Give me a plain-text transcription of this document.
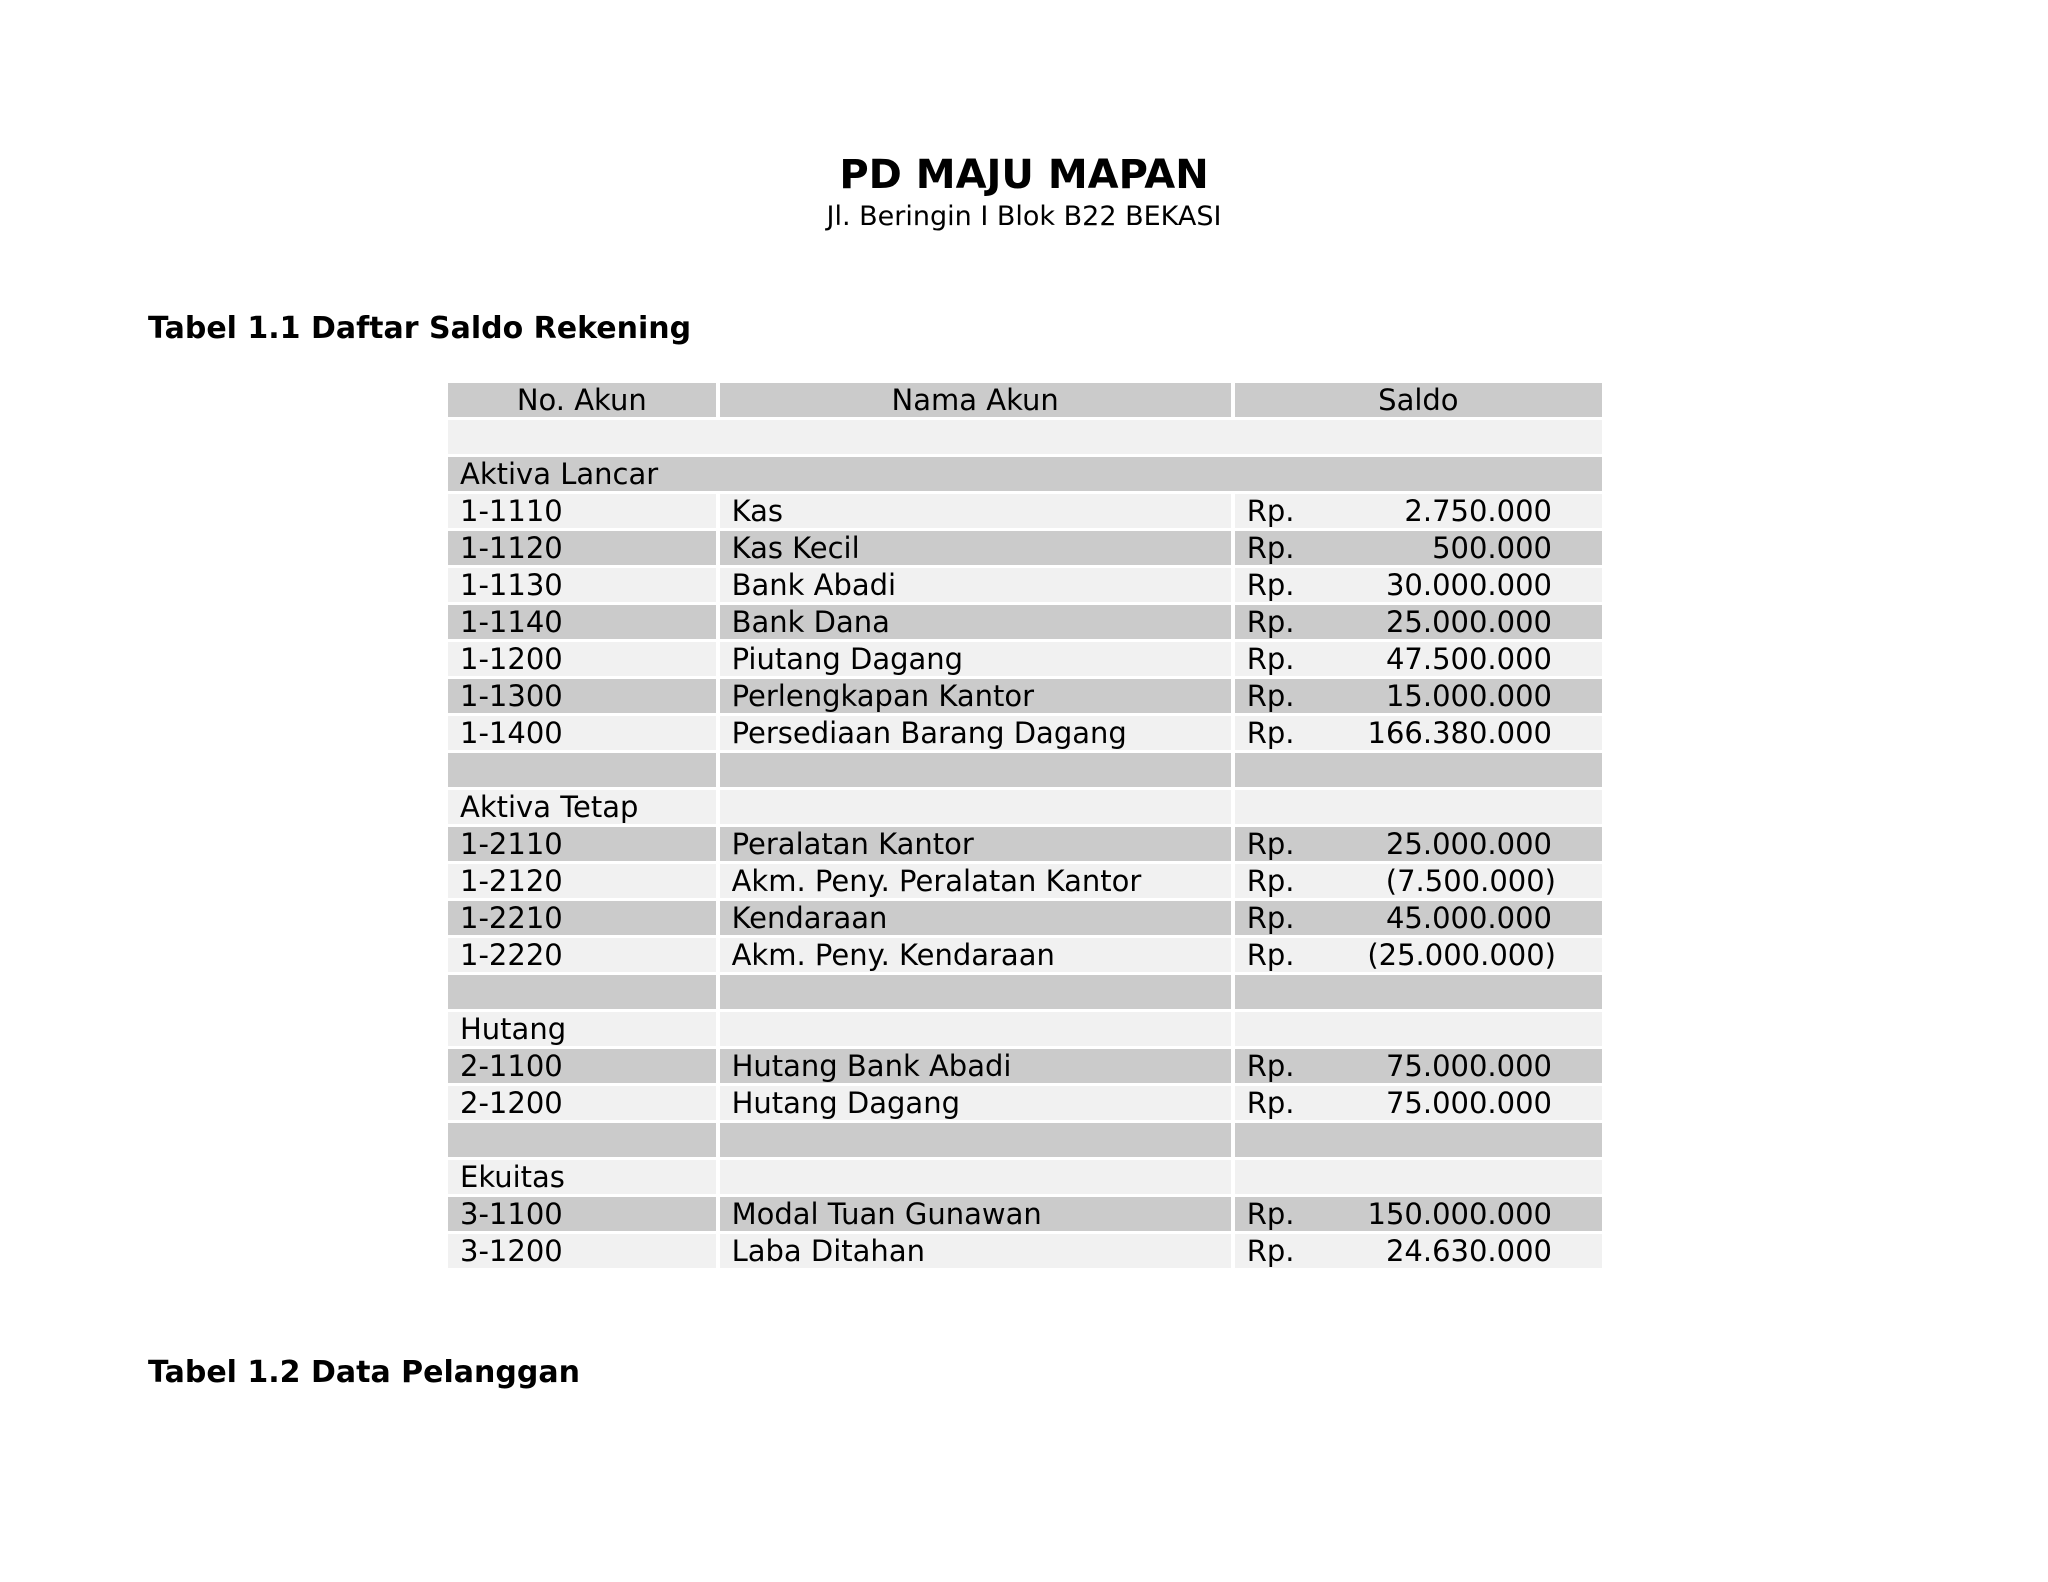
PD MAJU MAPAN

Jl. Beringin I Blok B22 BEKASI

Tabel 1.1 Daftar Saldo Rekening
No. Akun	Nama Akun	Saldo

Aktiva Lancar		
1-1110	Kas	Rp. 2.750.000

1-1120	Kas Kecil	Rp. 500.000

1-1130	Bank Abadi	Rp. 30.000.000

1-1140	Bank Dana	Rp. 25.000.000

1-1200	Piutang Dagang	Rp. 47.500.000

1-1300	Perlengkapan Kantor	Rp. 15.000.000

1-1400	Persediaan Barang Dagang	Rp. 166.380.000

Aktiva Tetap		
1-2110	Peralatan Kantor	Rp. 25.000.000

1-2120	Akm. Peny. Peralatan Kantor	Rp. (7.500.000)

1-2210	Kendaraan	Rp. 45.000.000

1-2220	Akm. Peny. Kendaraan	Rp. (25.000.000)

Hutang		
2-1100	Hutang Bank Abadi	Rp. 75.000.000

2-1200	Hutang Dagang	Rp. 75.000.000

Ekuitas		
3-1100	Modal Tuan Gunawan	Rp. 150.000.000

3-1200	Laba Ditahan	Rp. 24.630.000
Tabel 1.2 Data Pelanggan
